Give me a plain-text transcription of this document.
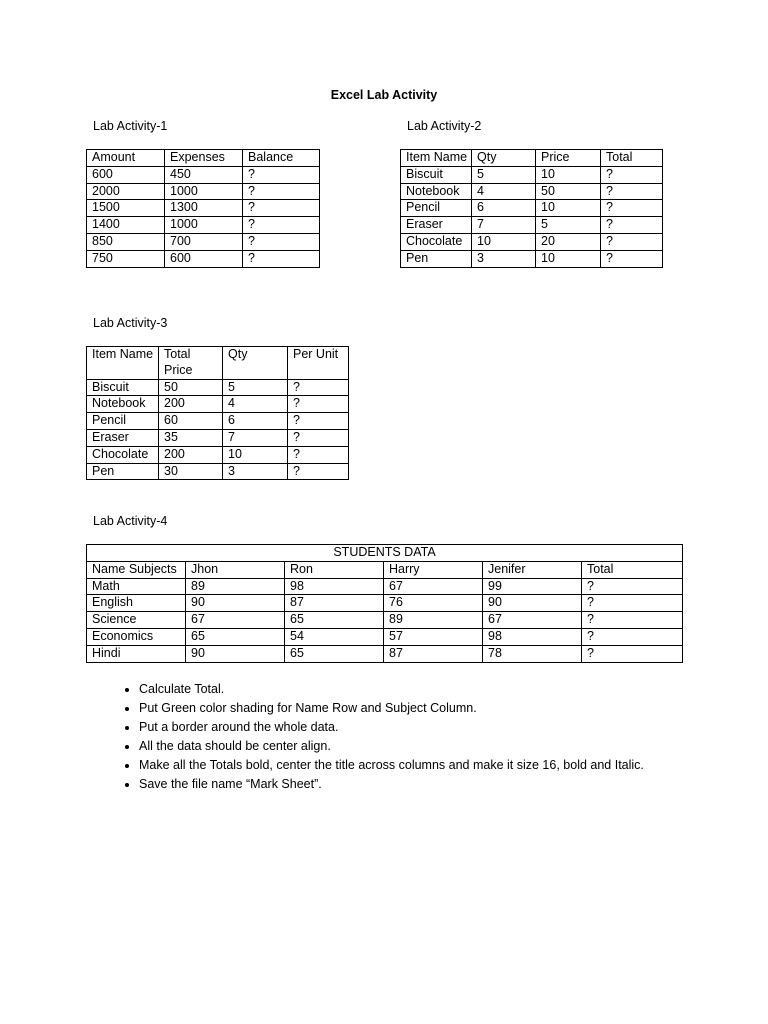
Excel Lab Activity
Lab Activity-1	Lab Activity-2
Lab Activity-3
Lab Activity-4
Amount	Expenses	Balance
600	450	?
2000	1000	?
1500	1300	?
1400	1000	?
850	700	?
750	600	?
Item Name	Qty	Price	Total
Biscuit	5	10	?
Notebook	4	50	?
Pencil	6	10	?
Eraser	7	5	?
Chocolate	10	20	?
Pen	3	10	?
Item Name	Total Price	Qty	Per Unit
Biscuit	50	5	?
Notebook	200	4	?
Pencil	60	6	?
Eraser	35	7	?
Chocolate	200	10	?
Pen	30	3	?
STUDENTS DATA					
Name Subjects	Jhon	Ron	Harry	Jenifer	Total
Math	89	98	67	99	?
English	90	87	76	90	?
Science	67	65	89	67	?
Economics	65	54	57	98	?
Hindi	90	65	87	78	?
• Calculate Total.
• Put Green color shading for Name Row and Subject Column.
• Put a border around the whole data.
• All the data should be center align.
• Make all the Totals bold, center the title across columns and make it size 16, bold and Italic.
• Save the file name “Mark Sheet”.
